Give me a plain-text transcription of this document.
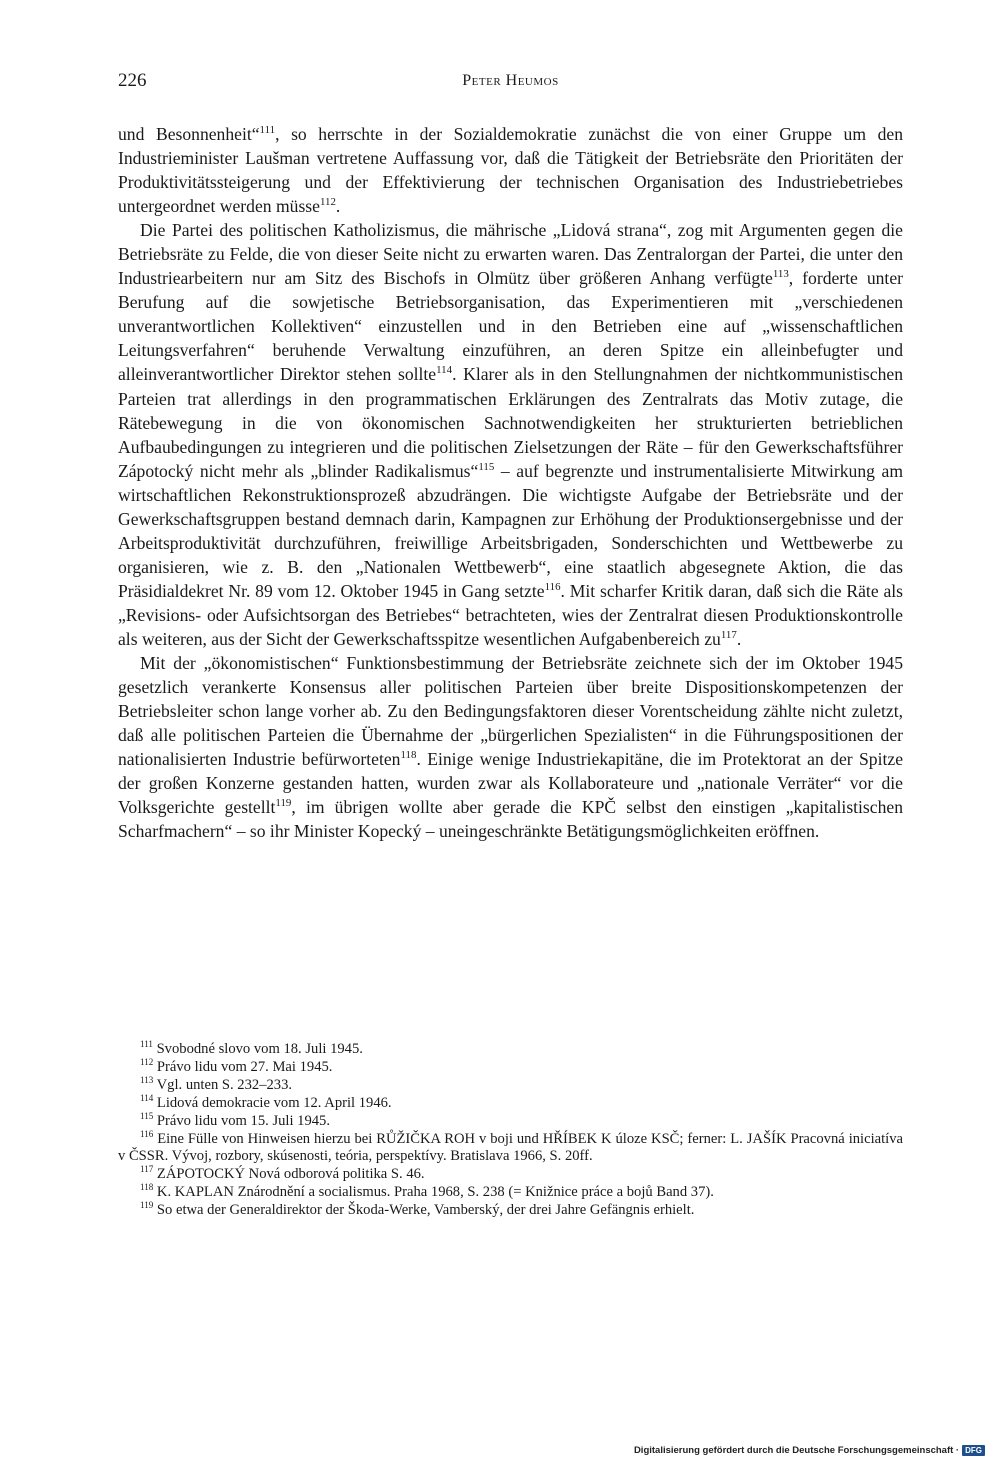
226	Peter Heumos

und Besonnenheit“$^{111}$, so herrschte in der Sozialdemokratie zunächst die von einer Gruppe um den Industrieminister Laušman vertretene Auffassung vor, daß die Tätigkeit der Betriebsräte den Prioritäten der Produktivitätssteigerung und der Effektivierung der technischen Organisation des Industriebetriebes untergeordnet werden müsse$^{112}$.

Die Partei des politischen Katholizismus, die mährische „Lidová strana“, zog mit Argumenten gegen die Betriebsräte zu Felde, die von dieser Seite nicht zu erwarten waren. Das Zentralorgan der Partei, die unter den Industriearbeitern nur am Sitz des Bischofs in Olmütz über größeren Anhang verfügte$^{113}$, forderte unter Berufung auf die sowjetische Betriebsorganisation, das Experimentieren mit „verschiedenen unverantwortlichen Kollektiven“ einzustellen und in den Betrieben eine auf „wissenschaftlichen Leitungsverfahren“ beruhende Verwaltung einzuführen, an deren Spitze ein alleinbefugter und alleinverantwortlicher Direktor stehen sollte$^{114}$. Klarer als in den Stellungnahmen der nichtkommunistischen Parteien trat allerdings in den programmatischen Erklärungen des Zentralrats das Motiv zutage, die Rätebewegung in die von ökonomischen Sachnotwendigkeiten her strukturierten betrieblichen Aufbaubedingungen zu integrieren und die politischen Zielsetzungen der Räte – für den Gewerkschaftsführer Zápotocký nicht mehr als „blinder Radikalismus“$^{115}$ – auf begrenzte und instrumentalisierte Mitwirkung am wirtschaftlichen Rekonstruktionsprozeß abzudrängen. Die wichtigste Aufgabe der Betriebsräte und der Gewerkschaftsgruppen bestand demnach darin, Kampagnen zur Erhöhung der Produktionsergebnisse und der Arbeitsproduktivität durchzuführen, freiwillige Arbeitsbrigaden, Sonderschichten und Wettbewerbe zu organisieren, wie z. B. den „Nationalen Wettbewerb“, eine staatlich abgesegnete Aktion, die das Präsidialdekret Nr. 89 vom 12. Oktober 1945 in Gang setzte$^{116}$. Mit scharfer Kritik daran, daß sich die Räte als „Revisions- oder Aufsichtsorgan des Betriebes“ betrachteten, wies der Zentralrat diesen Produktionskontrolle als weiteren, aus der Sicht der Gewerkschaftsspitze wesentlichen Aufgabenbereich $zu^{117}$.

Mit der „ökonomistischen“ Funktionsbestimmung der Betriebsräte zeichnete sich der im Oktober 1945 gesetzlich verankerte Konsensus aller politischen Parteien über breite Dispositionskompetenzen der Betriebsleiter schon lange vorher ab. Zu den Bedingungsfaktoren dieser Vorentscheidung zählte nicht zuletzt, daß alle politischen Parteien die Übernahme der „bürgerlichen Spezialisten“ in die Führungspositionen der nationalisierten Industrie befürworteten$^{118}$. Einige wenige Industriekapitäne, die im Protektorat an der Spitze der großen Konzerne gestanden hatten, wurden zwar als Kollaborateure und „nationale Verräter“ vor die Volksgerichte gestellt$^{119}$, im übrigen wollte aber gerade die KPČ selbst den einstigen „kapitalistischen Scharfmachern“ – so ihr Minister Kopecký – uneingeschränkte Betätigungsmöglichkeiten eröffnen.

$^{111}$ Svobodné slovo vom 18. Juli 1945.

$^{112}$ Právo lidu vom 27. Mai 1945.

$^{113}$ Vgl. unten S. 232–233.

$^{114}$ Lidová demokracie vom 12. April 1946.

$^{115}$ Právo lidu vom 15. Juli 1945.

$^{116}$ Eine Fülle von Hinweisen hierzu bei RŮŽIČKA ROH v boji und HŘÍBEK K úloze KSČ; ferner: L. JAŠÍK Pracovná iniciatíva v ČSSR. Vývoj, rozbory, skúsenosti, teória, perspektívy. Bratislava 1966, S. 20ff.

$^{117}$ ZÁPOTOCKÝ Nová odborová politika S. 46.

$^{118}$ K. KAPLAN Znárodnění a socialismus. Praha 1968, S. 238 (= Knižnice práce a bojů Band 37).

$^{119}$ So etwa der Generaldirektor der Škoda-Werke, Vamberský, der drei Jahre Gefängnis erhielt.

Digitalisierung gefördert durch die Deutsche Forschungsgemeinschaft · DFG
